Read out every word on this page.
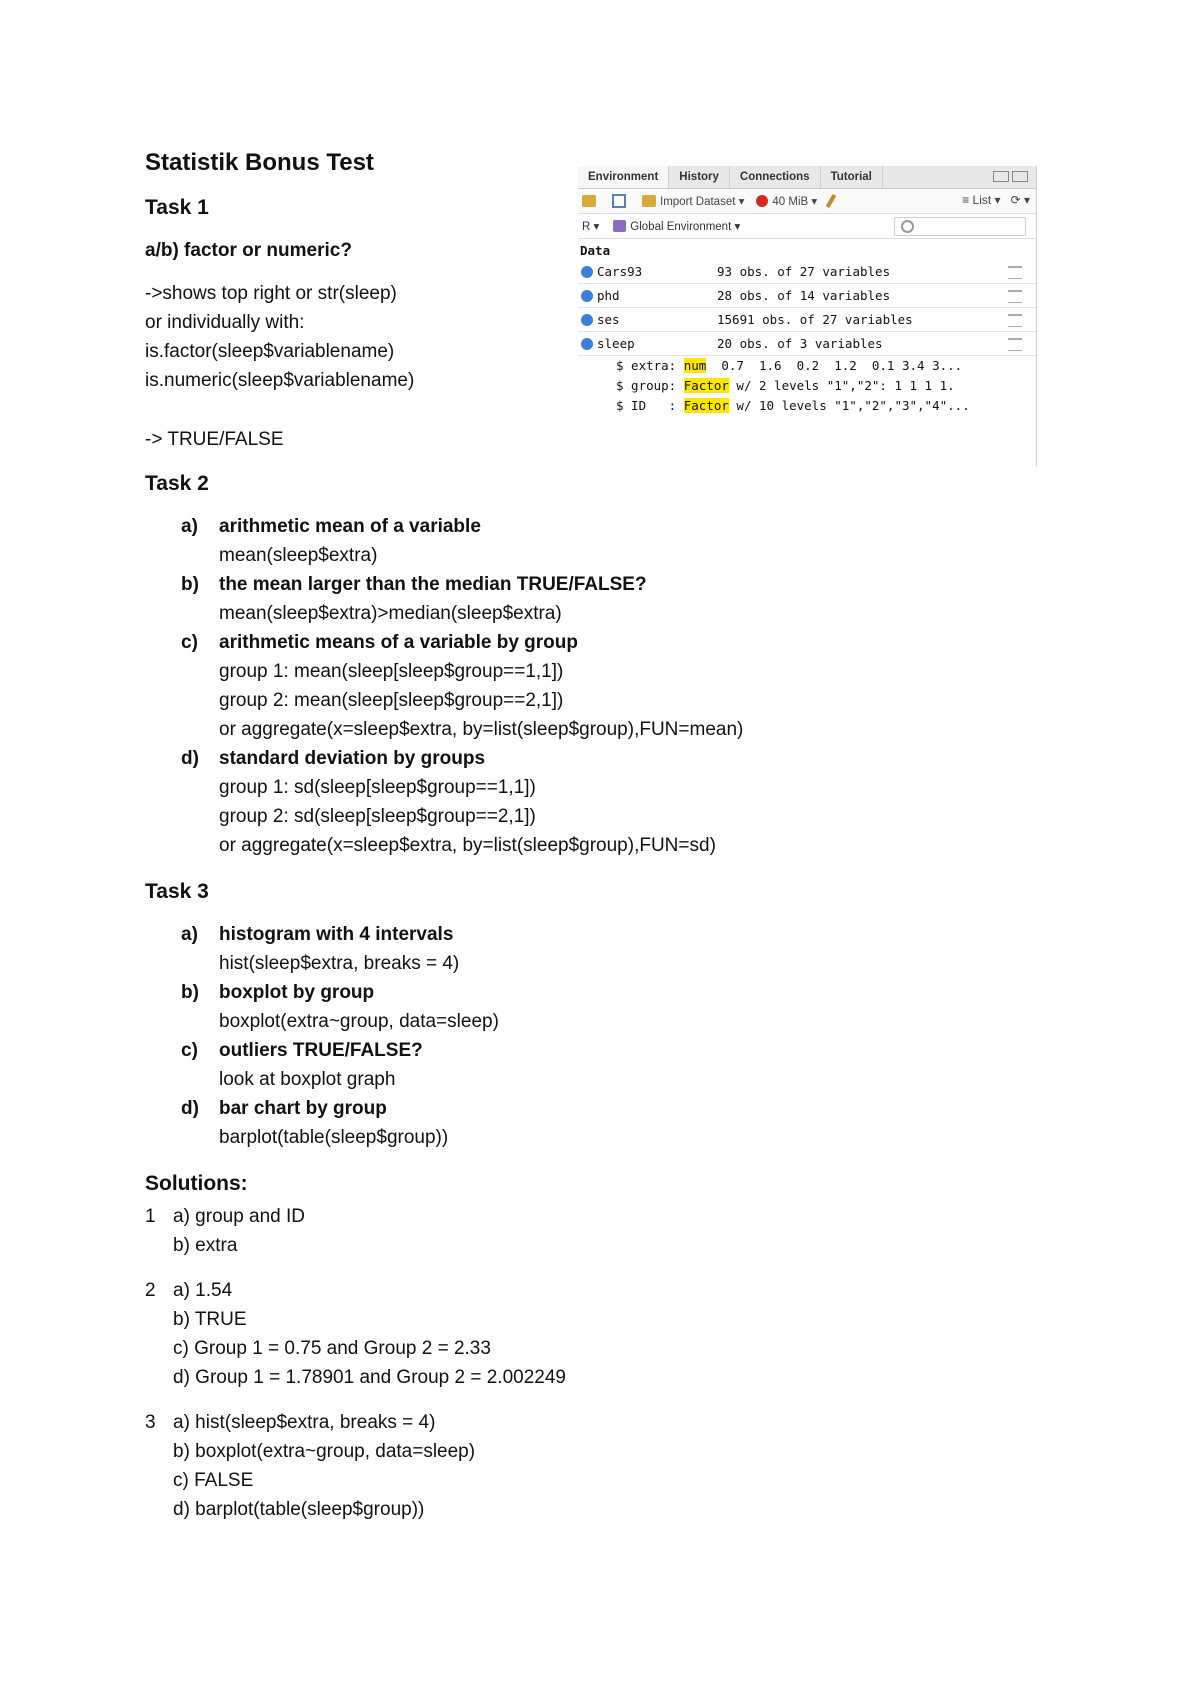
Statistik Bonus Test
Task 1
a/b) factor or numeric?
->shows top right or str(sleep)
or individually with:
is.factor(sleep$variablename)
is.numeric(sleep$variablename)
-> TRUE/FALSE
Task 2
a) arithmetic mean of a variable
mean(sleep$extra)
b) the mean larger than the median TRUE/FALSE?
mean(sleep$extra)>median(sleep$extra)
c) arithmetic means of a variable by group
group 1: mean(sleep[sleep$group==1,1])
group 2: mean(sleep[sleep$group==2,1])
or aggregate(x=sleep$extra, by=list(sleep$group),FUN=mean)
d) standard deviation by groups
group 1: sd(sleep[sleep$group==1,1])
group 2: sd(sleep[sleep$group==2,1])
or aggregate(x=sleep$extra, by=list(sleep$group),FUN=sd)
Task 3
a) histogram with 4 intervals
hist(sleep$extra, breaks = 4)
b) boxplot by group
boxplot(extra~group, data=sleep)
c) outliers TRUE/FALSE?
look at boxplot graph
d) bar chart by group
barplot(table(sleep$group))
Solutions:
1 a) group and ID
b) extra
2 a) 1.54
b) TRUE
c) Group 1 = 0.75 and Group 2 = 2.33
d) Group 1 = 1.78901 and Group 2 = 2.002249
3 a) hist(sleep$extra, breaks = 4)
b) boxplot(extra~group, data=sleep)
c) FALSE
d) barplot(table(sleep$group))
Environment	History	Connections	Tutorial
Import Dataset ▾ 40 MiB ▾	≡ List ▾ ⟳ ▾
R ▾	Global Environment ▾
Data
Cars93	93 obs. of 27 variables
phd	28 obs. of 14 variables
ses	15691 obs. of 27 variables
sleep	20 obs. of 3 variables
$ extra: num  0.7  1.6  0.2  1.2  0.1 3.4 3...
$ group: Factor w/ 2 levels "1","2": 1 1 1 1.
$ ID   : Factor w/ 10 levels "1","2","3","4"...
